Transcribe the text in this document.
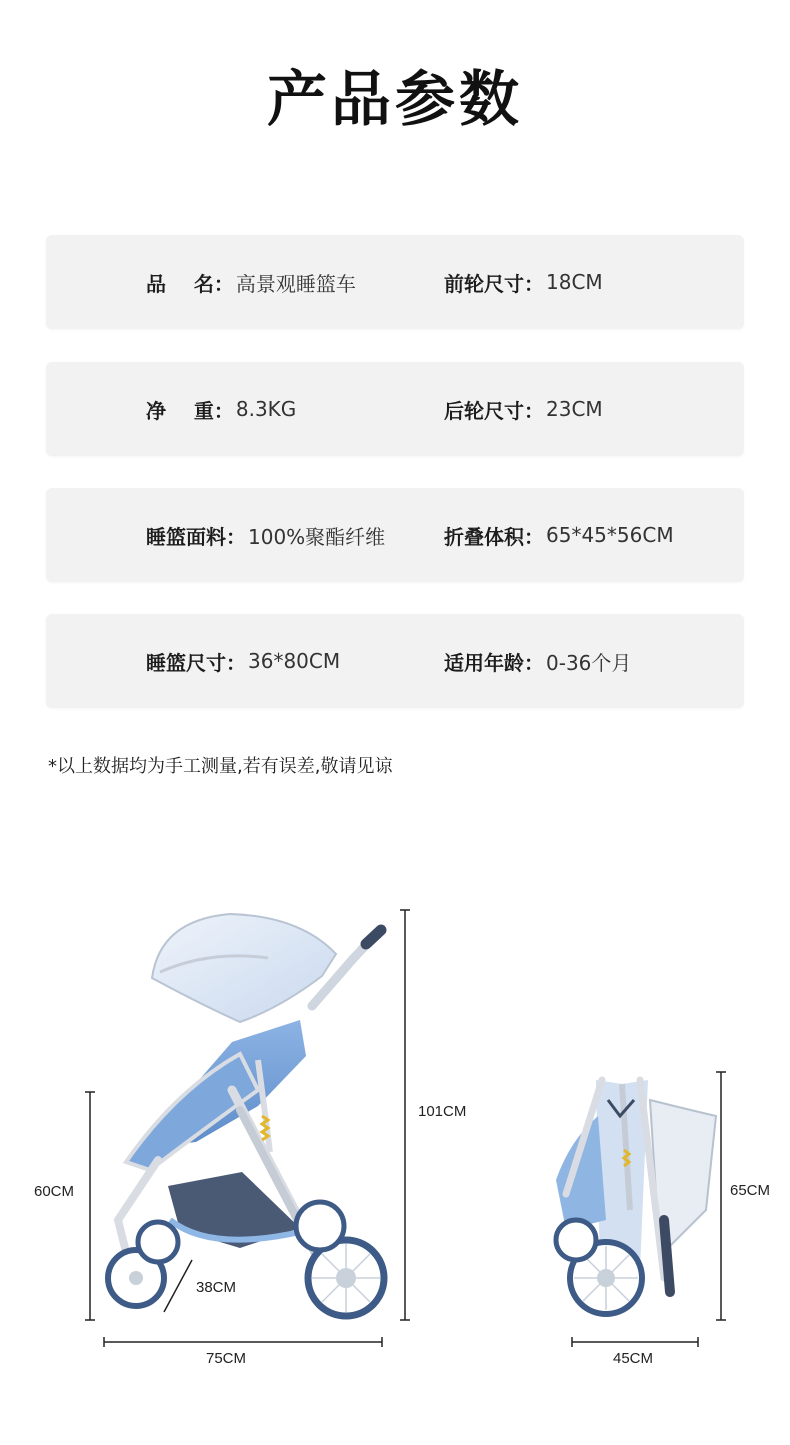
产品参数
品    名： 高景观睡篮车	前轮尺寸： 18CM
净    重： 8.3KG	后轮尺寸： 23CM
睡篮面料： 100%聚酯纤维	折叠体积： 65*45*56CM
睡篮尺寸： 36*80CM	适用年龄： 0-36个月
*以上数据均为手工测量,若有误差,敬请见谅
101CM
60CM
38CM
75CM
65CM
45CM
